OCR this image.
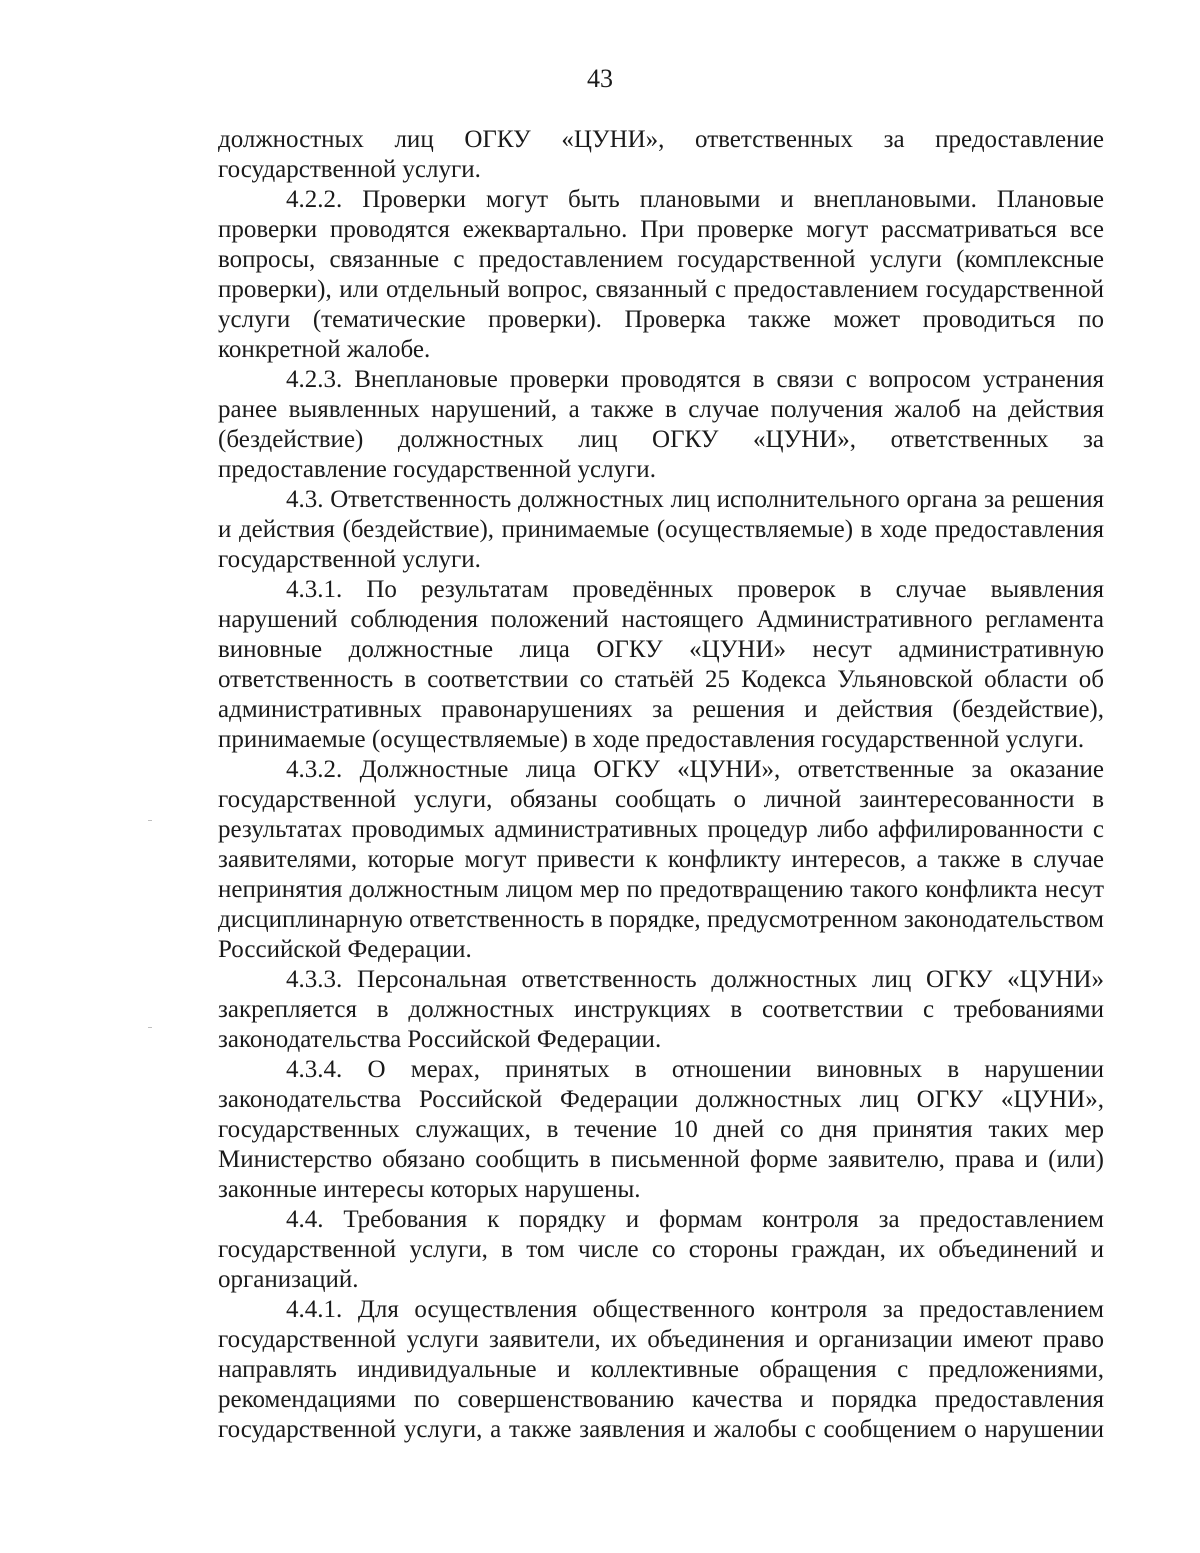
43

должностных лиц ОГКУ «ЦУНИ», ответственных за предоставление государственной услуги.

4.2.2. Проверки могут быть плановыми и внеплановыми. Плановые проверки проводятся ежеквартально. При проверке могут рассматриваться все вопросы, связанные с предоставлением государственной услуги (комплексные проверки), или отдельный вопрос, связанный с предоставлением государственной услуги (тематические проверки). Проверка также может проводиться по конкретной жалобе.

4.2.3. Внеплановые проверки проводятся в связи с вопросом устранения ранее выявленных нарушений, а также в случае получения жалоб на действия (бездействие) должностных лиц ОГКУ «ЦУНИ», ответственных за предоставление государственной услуги.

4.3. Ответственность должностных лиц исполнительного органа за решения и действия (бездействие), принимаемые (осуществляемые) в ходе предоставления государственной услуги.

4.3.1. По результатам проведённых проверок в случае выявления нарушений соблюдения положений настоящего Административного регламента виновные должностные лица ОГКУ «ЦУНИ» несут административную ответственность в соответствии со статьёй 25 Кодекса Ульяновской области об административных правонарушениях за решения и действия (бездействие), принимаемые (осуществляемые) в ходе предоставления государственной услуги.

4.3.2. Должностные лица ОГКУ «ЦУНИ», ответственные за оказание государственной услуги, обязаны сообщать о личной заинтересованности в результатах проводимых административных процедур либо аффилированности с заявителями, которые могут привести к конфликту интересов, а также в случае непринятия должностным лицом мер по предотвращению такого конфликта несут дисциплинарную ответственность в порядке, предусмотренном законодательством Российской Федерации.

4.3.3. Персональная ответственность должностных лиц ОГКУ «ЦУНИ» закрепляется в должностных инструкциях в соответствии с требованиями законодательства Российской Федерации.

4.3.4. О мерах, принятых в отношении виновных в нарушении законодательства Российской Федерации должностных лиц ОГКУ «ЦУНИ», государственных служащих, в течение 10 дней со дня принятия таких мер Министерство обязано сообщить в письменной форме заявителю, права и (или) законные интересы которых нарушены.

4.4. Требования к порядку и формам контроля за предоставлением государственной услуги, в том числе со стороны граждан, их объединений и организаций.

4.4.1. Для осуществления общественного контроля за предоставлением государственной услуги заявители, их объединения и организации имеют право направлять индивидуальные и коллективные обращения с предложениями, рекомендациями по совершенствованию качества и порядка предоставления государственной услуги, а также заявления и жалобы с сообщением о нарушении
